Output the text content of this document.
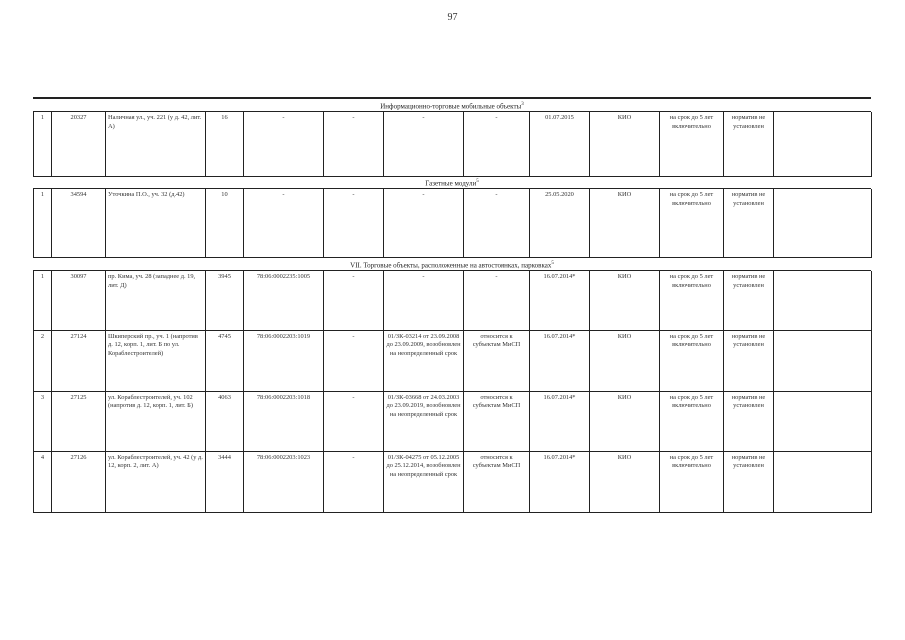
97
Информационно-торговые мобильные объекты$^3$
1	20327	Наличная ул., уч. 221 (у д. 42, лит. А)	16	-	-	-	-	01.07.2015	КИО	на срок до 5 лет включительно	норматив не установлен	
Газетные модули$^5$
1	34594	Уточкина П.О., уч. 32 (д.42)	10	-	-	-	-	25.05.2020	КИО	на срок до 5 лет включительно	норматив не установлен	
VII. Торговые объекты, расположенные на автостоянках, парковках$^5$
1	30097	пр. Кима, уч. 28 (западнее д. 19, лит. Д)	3945	78:06:0002235:1005	-	-	-	16.07.2014*	КИО	на срок до 5 лет включительно	норматив не установлен	
2	27124	Шкиперский пр., уч. 1 (напротив д. 12, корп. 1, лит. Б по ул. Кораблестроителей)	4745	78:06:0002203:1019	-	01/ЗК-03214 от 23.09.2008 до 23.09.2009, возобновлен на неопределенный срок	относится к субъектам МиСП	16.07.2014*	КИО	на срок до 5 лет включительно	норматив не установлен	
3	27125	ул. Кораблестроителей, уч. 102 (напротив д. 12, корп. 1, лит. Б)	4063	78:06:0002203:1018	-	01/ЗК-03668 от 24.03.2003 до 23.09.2019, возобновлен на неопределенный срок	относится к субъектам МиСП	16.07.2014*	КИО	на срок до 5 лет включительно	норматив не установлен	
4	27126	ул. Кораблестроителей, уч. 42 (у д. 12, корп. 2, лит. А)	3444	78:06:0002203:1023	-	01/ЗК-04275 от 05.12.2005 до 25.12.2014, возобновлен на неопределенный срок	относится к субъектам МиСП	16.07.2014*	КИО	на срок до 5 лет включительно	норматив не установлен	
